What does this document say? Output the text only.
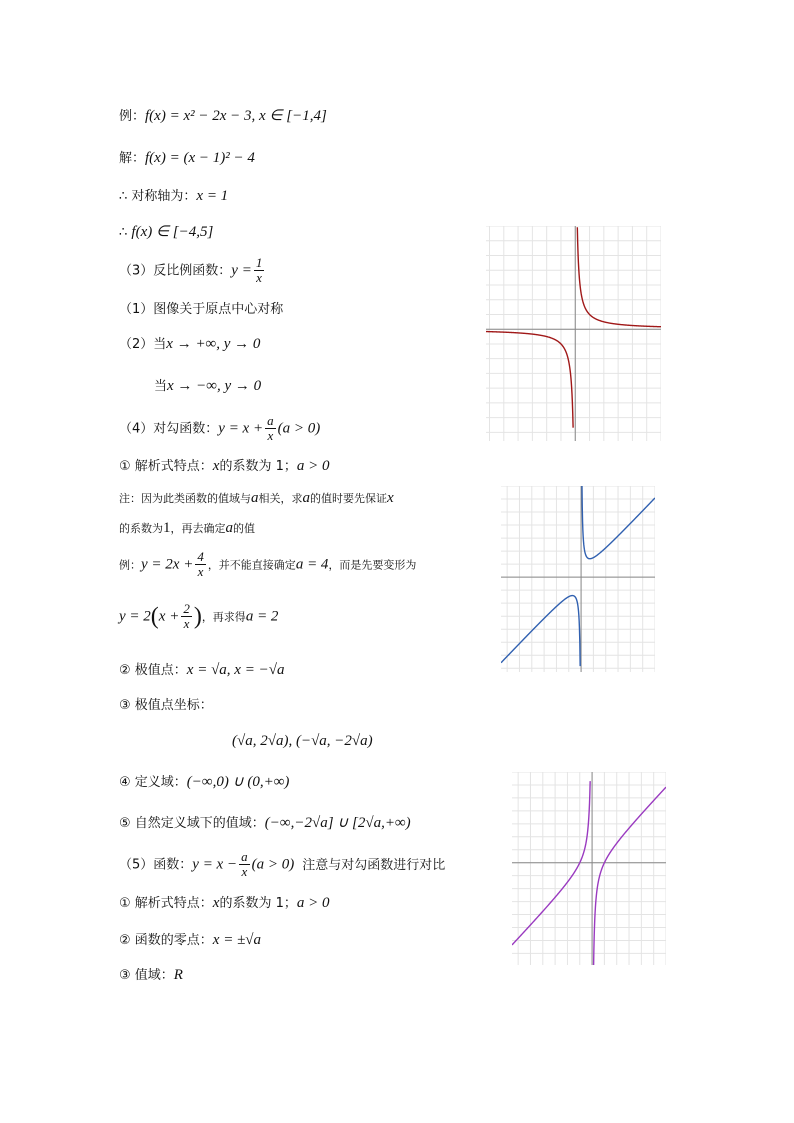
例：f(x) = x² − 2x − 3, x ∈ [−1,4]
解：f(x) = (x − 1)² − 4
∴ 对称轴为：x = 1
∴ f(x) ∈ [−4,5]
（3）反比例函数：$y = \frac{1}{x}$
（1）图像关于原点中心对称
（2）当x → +∞, y → 0
当x → −∞, y → 0
（4）对勾函数：$y = x + \frac{a}{x} (a > 0)$
① 解析式特点：x的系数为 1；a > 0
注：因为此类函数的值域与a相关，求a的值时要先保证x
的系数为1，再去确定a的值
例：$y = 2x + \frac{4}{x}$ ，并不能直接确定a = 4，而是先要变形为
$y = 2(x + \frac{2}{x}$ )，再求得a = 2
② 极值点：x = √a, x = −√a
③ 极值点坐标：
(√a, 2√a), (−√a, −2√a)
④ 定义域：(−∞,0) ∪ (0,+∞)
⑤ 自然定义域下的值域：(−∞,−2√a] ∪ [2√a,+∞)
（5）函数：$y = x - \frac{a}{x} (a > 0)$ 注意与对勾函数进行对比
① 解析式特点：x的系数为 1；a > 0
② 函数的零点：x = ±√a
③ 值域：R
